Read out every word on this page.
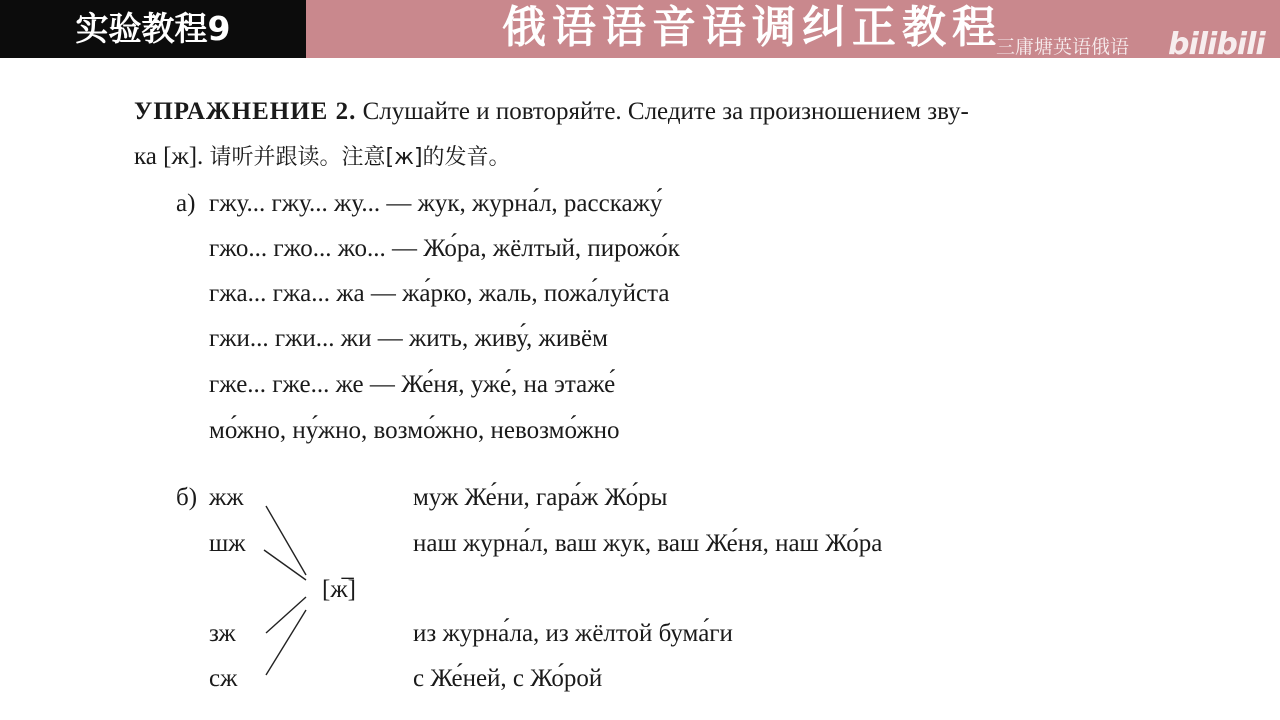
实验教程9	俄语语音语调纠正教程
三庸塘英语俄语 bilibili
УПРАЖНЕНИЕ 2. Слушайте и повторяйте. Следите за произношением зву-
ка [ж]. 请听并跟读。注意[ж]的发音。
а) гжу... гжу... жу... — жук, журна́л, расскажу́
гжо... гжо... жо... — Жо́ра, жёлтый, пирожо́к
гжа... гжа... жа — жа́рко, жаль, пожа́луйста
гжи... гжи... жи — жить, живу́, живём
гже... гже... же — Же́ня, уже́, на этаже́
мо́жно, ну́жно, возмо́жно, невозмо́жно
б) жж
шж
[ж̅]
зж
сж
муж Же́ни, гара́ж Жо́ры
наш журна́л, ваш жук, ваш Же́ня, наш Жо́ра
из журна́ла, из жёлтой бума́ги
с Же́ней, с Жо́рой
